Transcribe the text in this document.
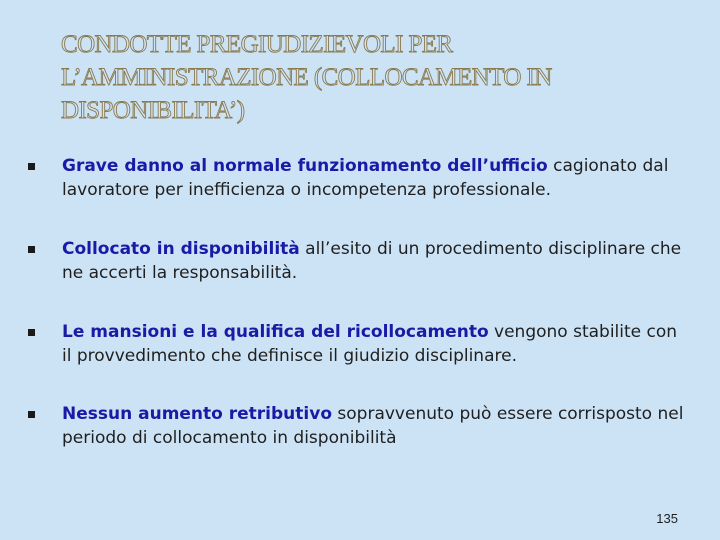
CONDOTTE PREGIUDIZIEVOLI PER
L’AMMINISTRAZIONE (COLLOCAMENTO IN
DISPONIBILITA’)
Grave danno al normale funzionamento dell’ufficio cagionato dal lavoratore per inefficienza o incompetenza professionale.
Collocato in disponibilità all’esito di un procedimento disciplinare che ne accerti la responsabilità.
Le mansioni e la qualifica del ricollocamento vengono stabilite con il provvedimento che definisce il giudizio disciplinare.
Nessun aumento retributivo sopravvenuto può essere corrisposto nel periodo di collocamento in disponibilità
135
